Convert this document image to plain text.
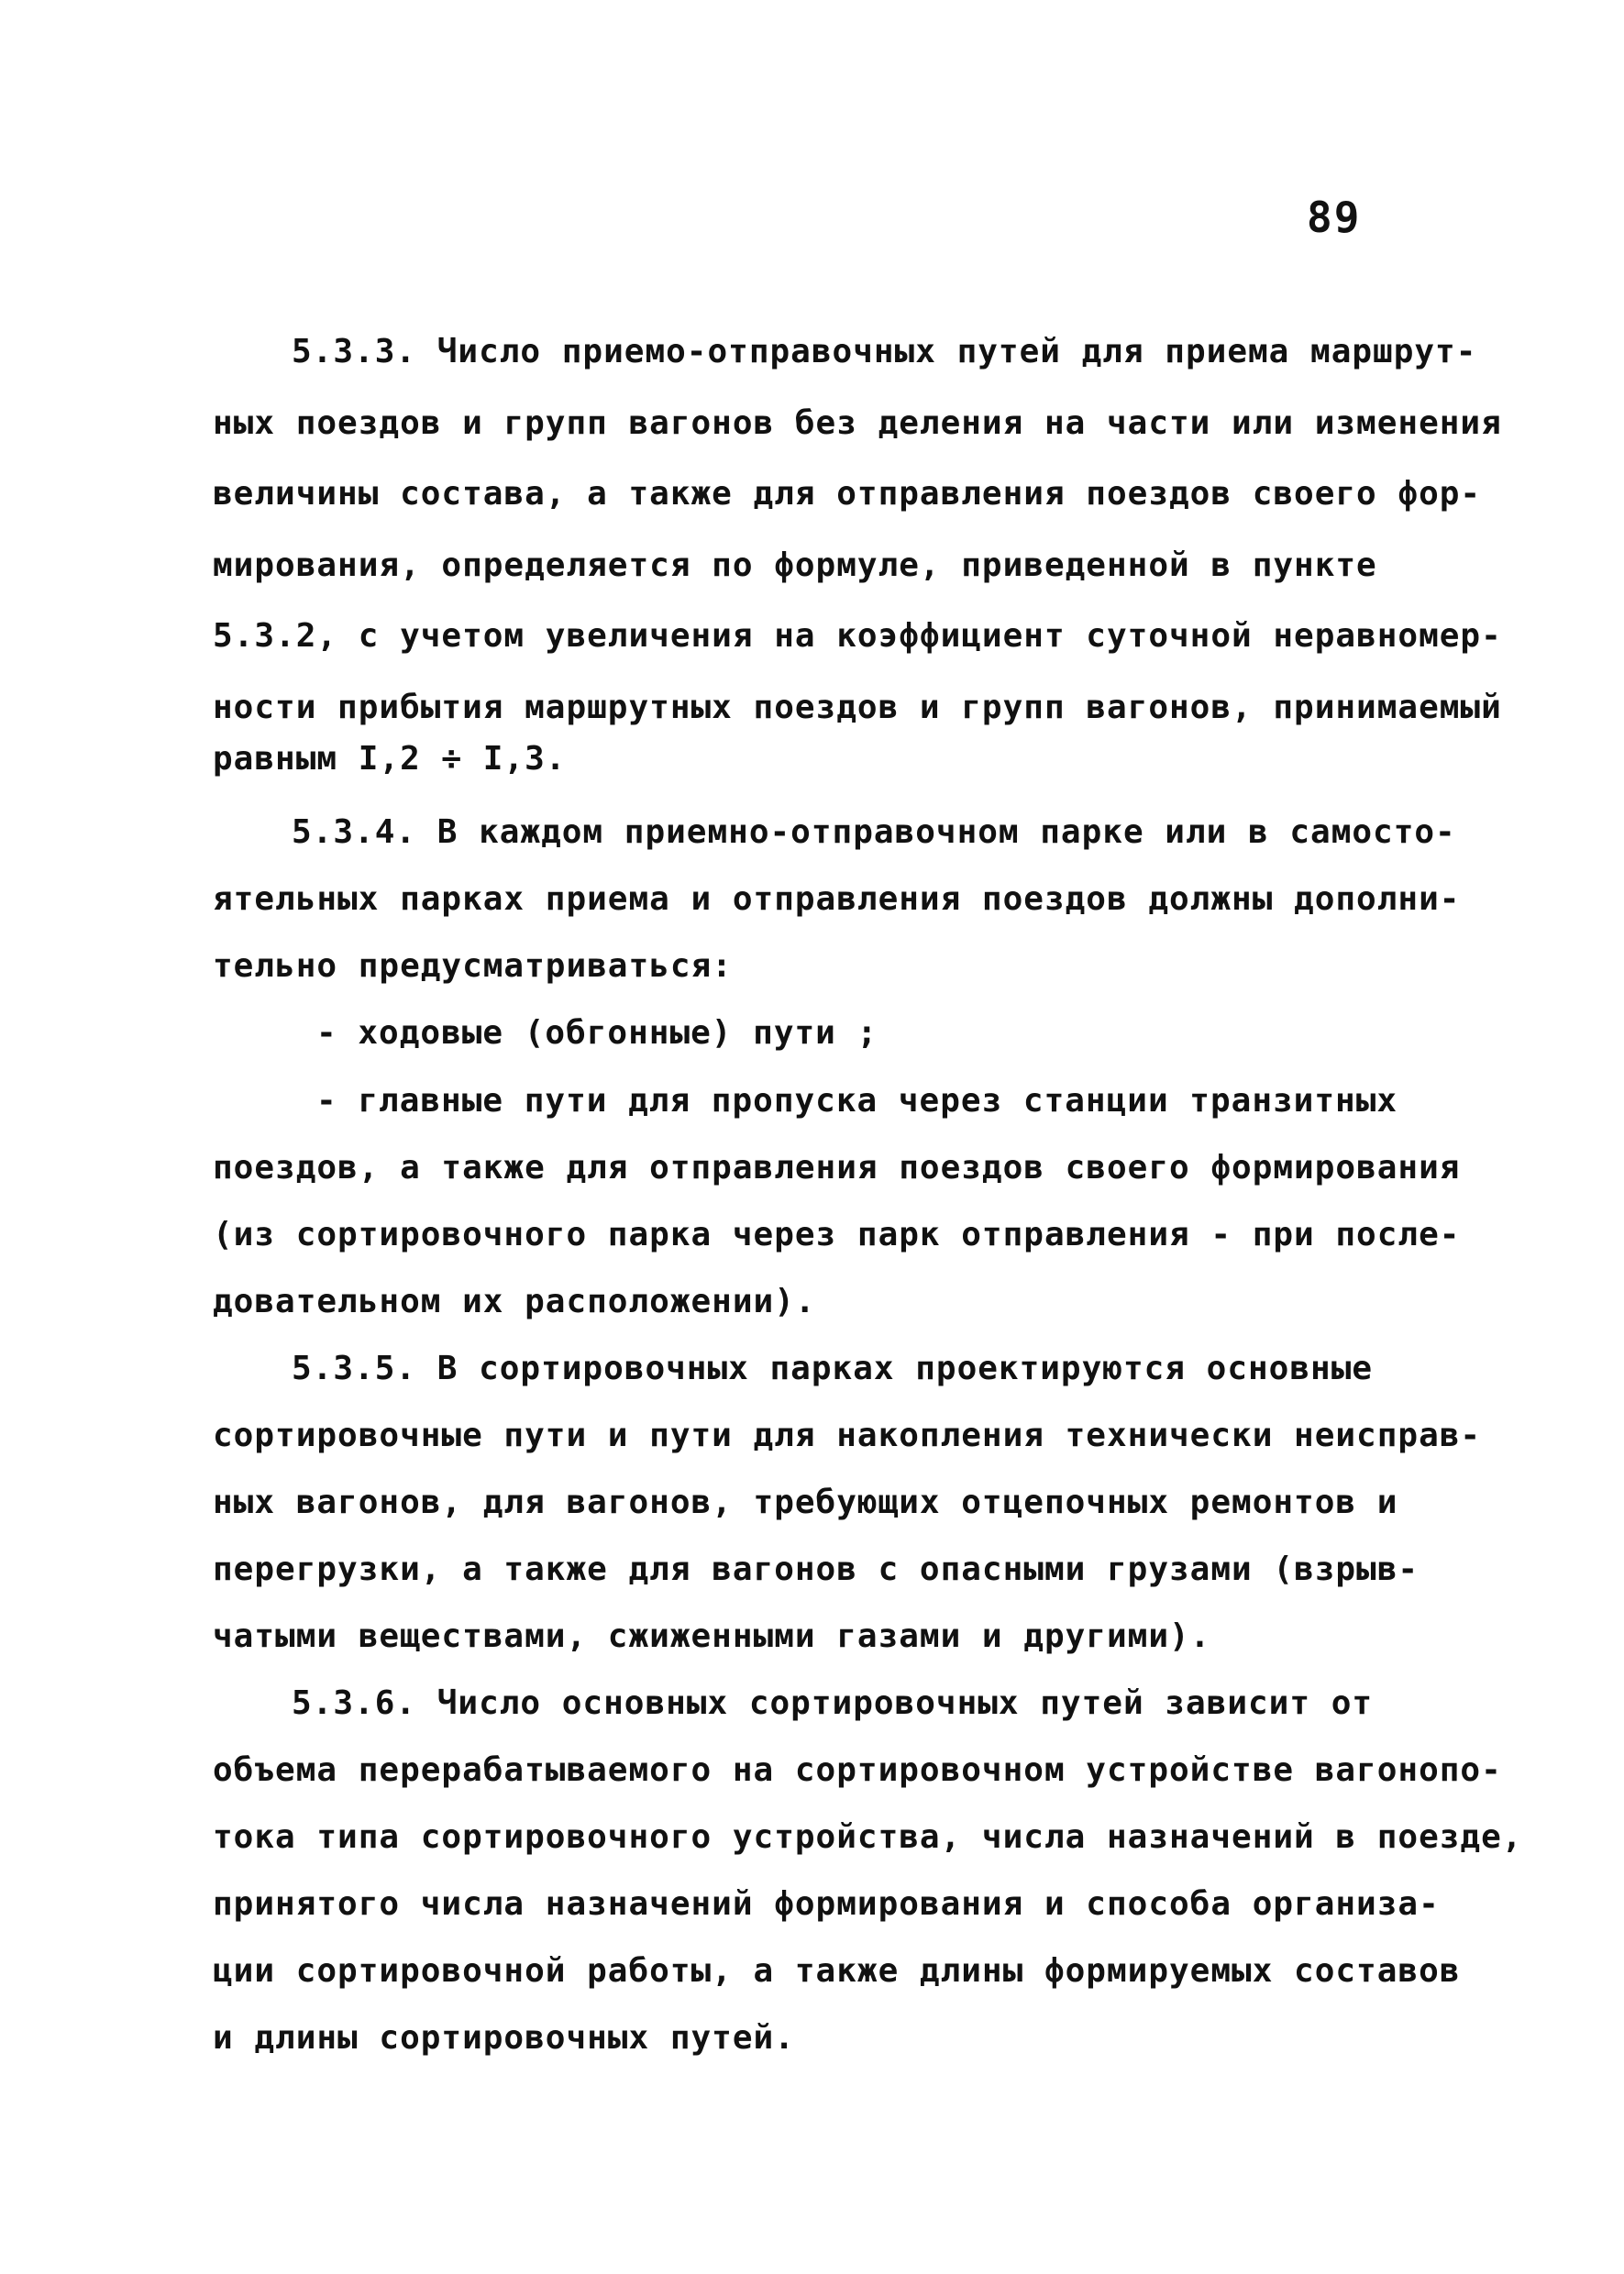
89
5.3.3. Число приемо-отправочных путей для приема маршрут-
ных поездов и групп вагонов без деления на части или изменения
величины состава, а также для отправления поездов своего фор-
мирования, определяется по формуле, приведенной в пункте
5.3.2, с учетом увеличения на коэффициент суточной неравномер-
ности прибытия маршрутных поездов и групп вагонов, принимаемый
равным I,2 ÷ I,3.
5.3.4. В каждом приемно-отправочном парке или в самосто-
ятельных парках приема и отправления поездов должны дополни-
тельно предусматриваться:
- ходовые (обгонные) пути ;
- главные пути для пропуска через станции транзитных
поездов, а также для отправления поездов своего формирования
(из сортировочного парка через парк отправления - при после-
довательном их расположении).
5.3.5. В сортировочных парках проектируются основные
сортировочные пути и пути для накопления технически неисправ-
ных вагонов, для вагонов, требующих отцепочных ремонтов и
перегрузки, а также для вагонов с опасными грузами (взрыв-
чатыми веществами, сжиженными газами и другими).
5.3.6. Число основных сортировочных путей зависит от
объема перерабатываемого на сортировочном устройстве вагонопо-
тока типа сортировочного устройства, числа назначений в поезде,
принятого числа назначений формирования и способа организа-
ции сортировочной работы, а также длины формируемых составов
и длины сортировочных путей.
